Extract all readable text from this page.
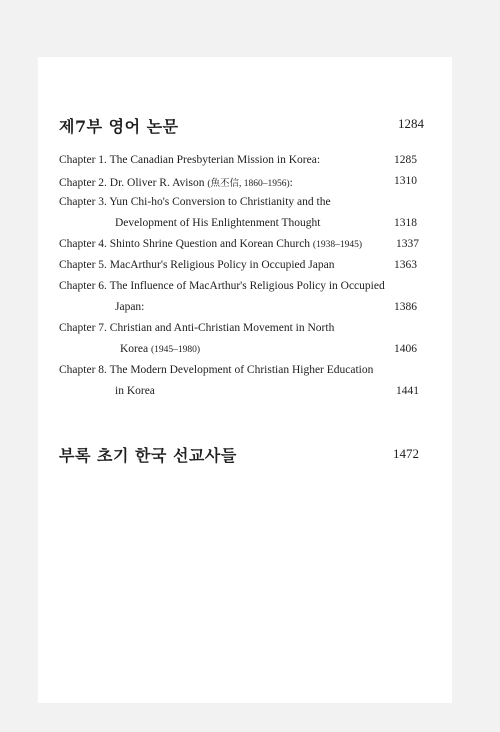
제7부 영어 논문	1284
Chapter 1. The Canadian Presbyterian Mission in Korea:	1285
Chapter 2. Dr. Oliver R. Avison (魚丕信, 1860–1956):	1310
Chapter 3. Yun Chi-ho's Conversion to Christianity and the
Development of His Enlightenment Thought	1318
Chapter 4. Shinto Shrine Question and Korean Church (1938–1945)	1337
Chapter 5. MacArthur's Religious Policy in Occupied Japan	1363
Chapter 6. The Influence of MacArthur's Religious Policy in Occupied
Japan:	1386
Chapter 7. Christian and Anti-Christian Movement in North
Korea (1945–1980)	1406
Chapter 8. The Modern Development of Christian Higher Education
in Korea	1441
부록 초기 한국 선교사들	1472
